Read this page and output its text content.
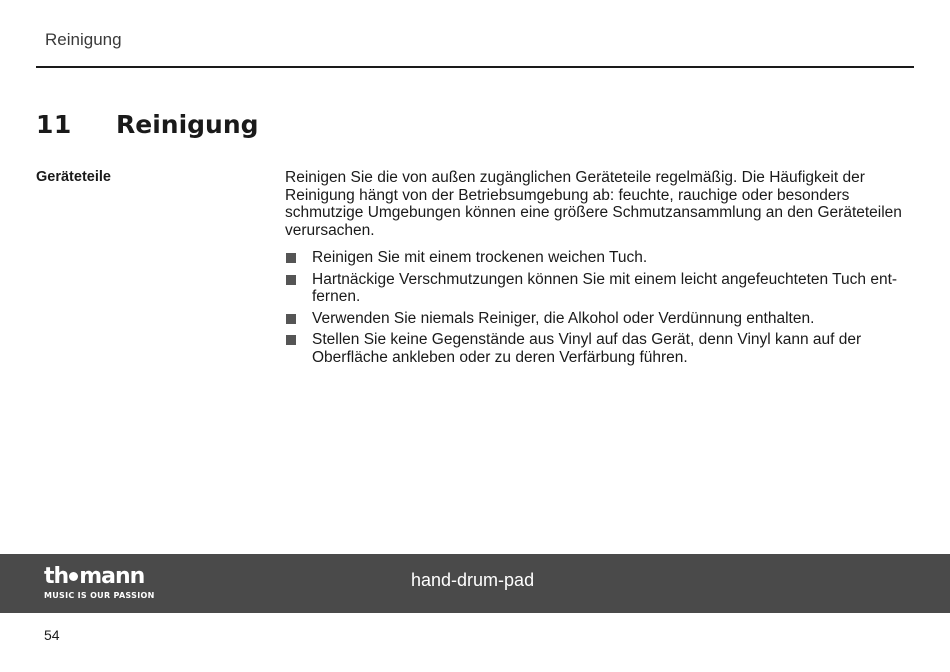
Reinigung
11 Reinigung
Geräteteile	Reinigen Sie die von außen zugänglichen Geräteteile regelmäßig. Die Häufigkeit der Reinigung hängt von der Betriebsumgebung ab: feuchte, rauchige oder besonders schmutzige Umgebungen können eine größere Schmutzansammlung an den Geräteteilen verursachen.

Reinigen Sie mit einem trockenen weichen Tuch.
Hartnäckige Verschmutzungen können Sie mit einem leicht angefeuchteten Tuch entfernen.
Verwenden Sie niemals Reiniger, die Alkohol oder Verdünnung enthalten.
Stellen Sie keine Gegenstände aus Vinyl auf das Gerät, denn Vinyl kann auf der Oberfläche ankleben oder zu deren Verfärbung führen.
th mann
MUSIC IS OUR PASSION
hand-drum-pad
54
